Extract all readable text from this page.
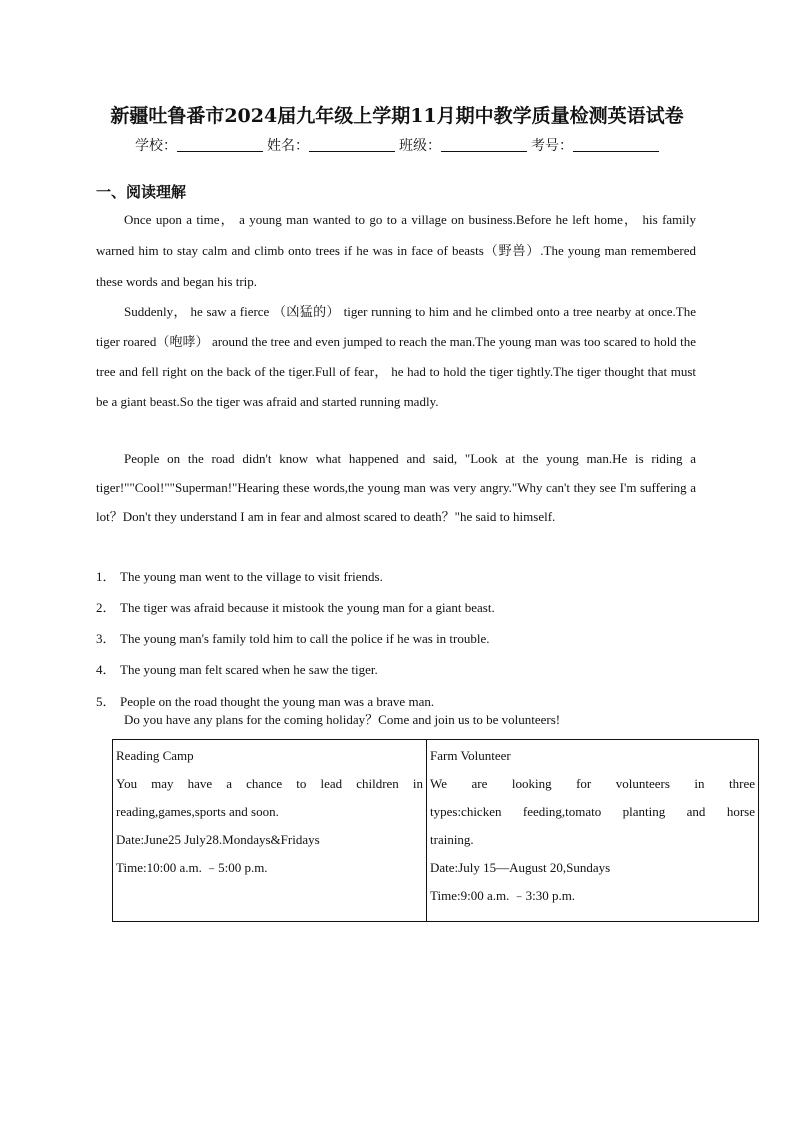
新疆吐鲁番市2024届九年级上学期11月期中教学质量检测英语试卷
学校：	姓名：	班级：	考号：
一、阅读理解

Once upon a time， a young man wanted to go to a village on business.Before he left home， his family warned him to stay calm and climb onto trees if he was in face of beasts（野兽）.The young man remembered these words and began his trip.

Suddenly， he saw a fierce （凶猛的） tiger running to him and he climbed onto a tree nearby at once.The tiger roared（咆哮） around the tree and even jumped to reach the man.The young man was too scared to hold the tree and fell right on the back of the tiger.Full of fear， he had to hold the tiger tightly.The tiger thought that must be a giant beast.So the tiger was afraid and started running madly.

People on the road didn't know what happened and said, "Look at the young man.He is riding a tiger!""Cool!""Superman!"Hearing these words,the young man was very angry."Why can't they see I'm suffering a lot？Don't they understand I am in fear and almost scared to death？"he said to himself.

1． The young man went to the village to visit friends.
2． The tiger was afraid because it mistook the young man for a giant beast.
3． The young man's family told him to call the police if he was in trouble.
4． The young man felt scared when he saw the tiger.
5． People on the road thought the young man was a brave man.
Do you have any plans for the coming holiday？Come and join us to be volunteers!
Reading Camp
You may have a chance to lead children in
reading,games,sports and soon.
Date:June25 July28.Mondays&Fridays
Time:10:00 a.m. ﹣5:00 p.m.
Farm Volunteer
We are looking for volunteers in three
types:chicken feeding,tomato planting and horse
training.
Date:July 15—August 20,Sundays
Time:9:00 a.m. ﹣3:30 p.m.
